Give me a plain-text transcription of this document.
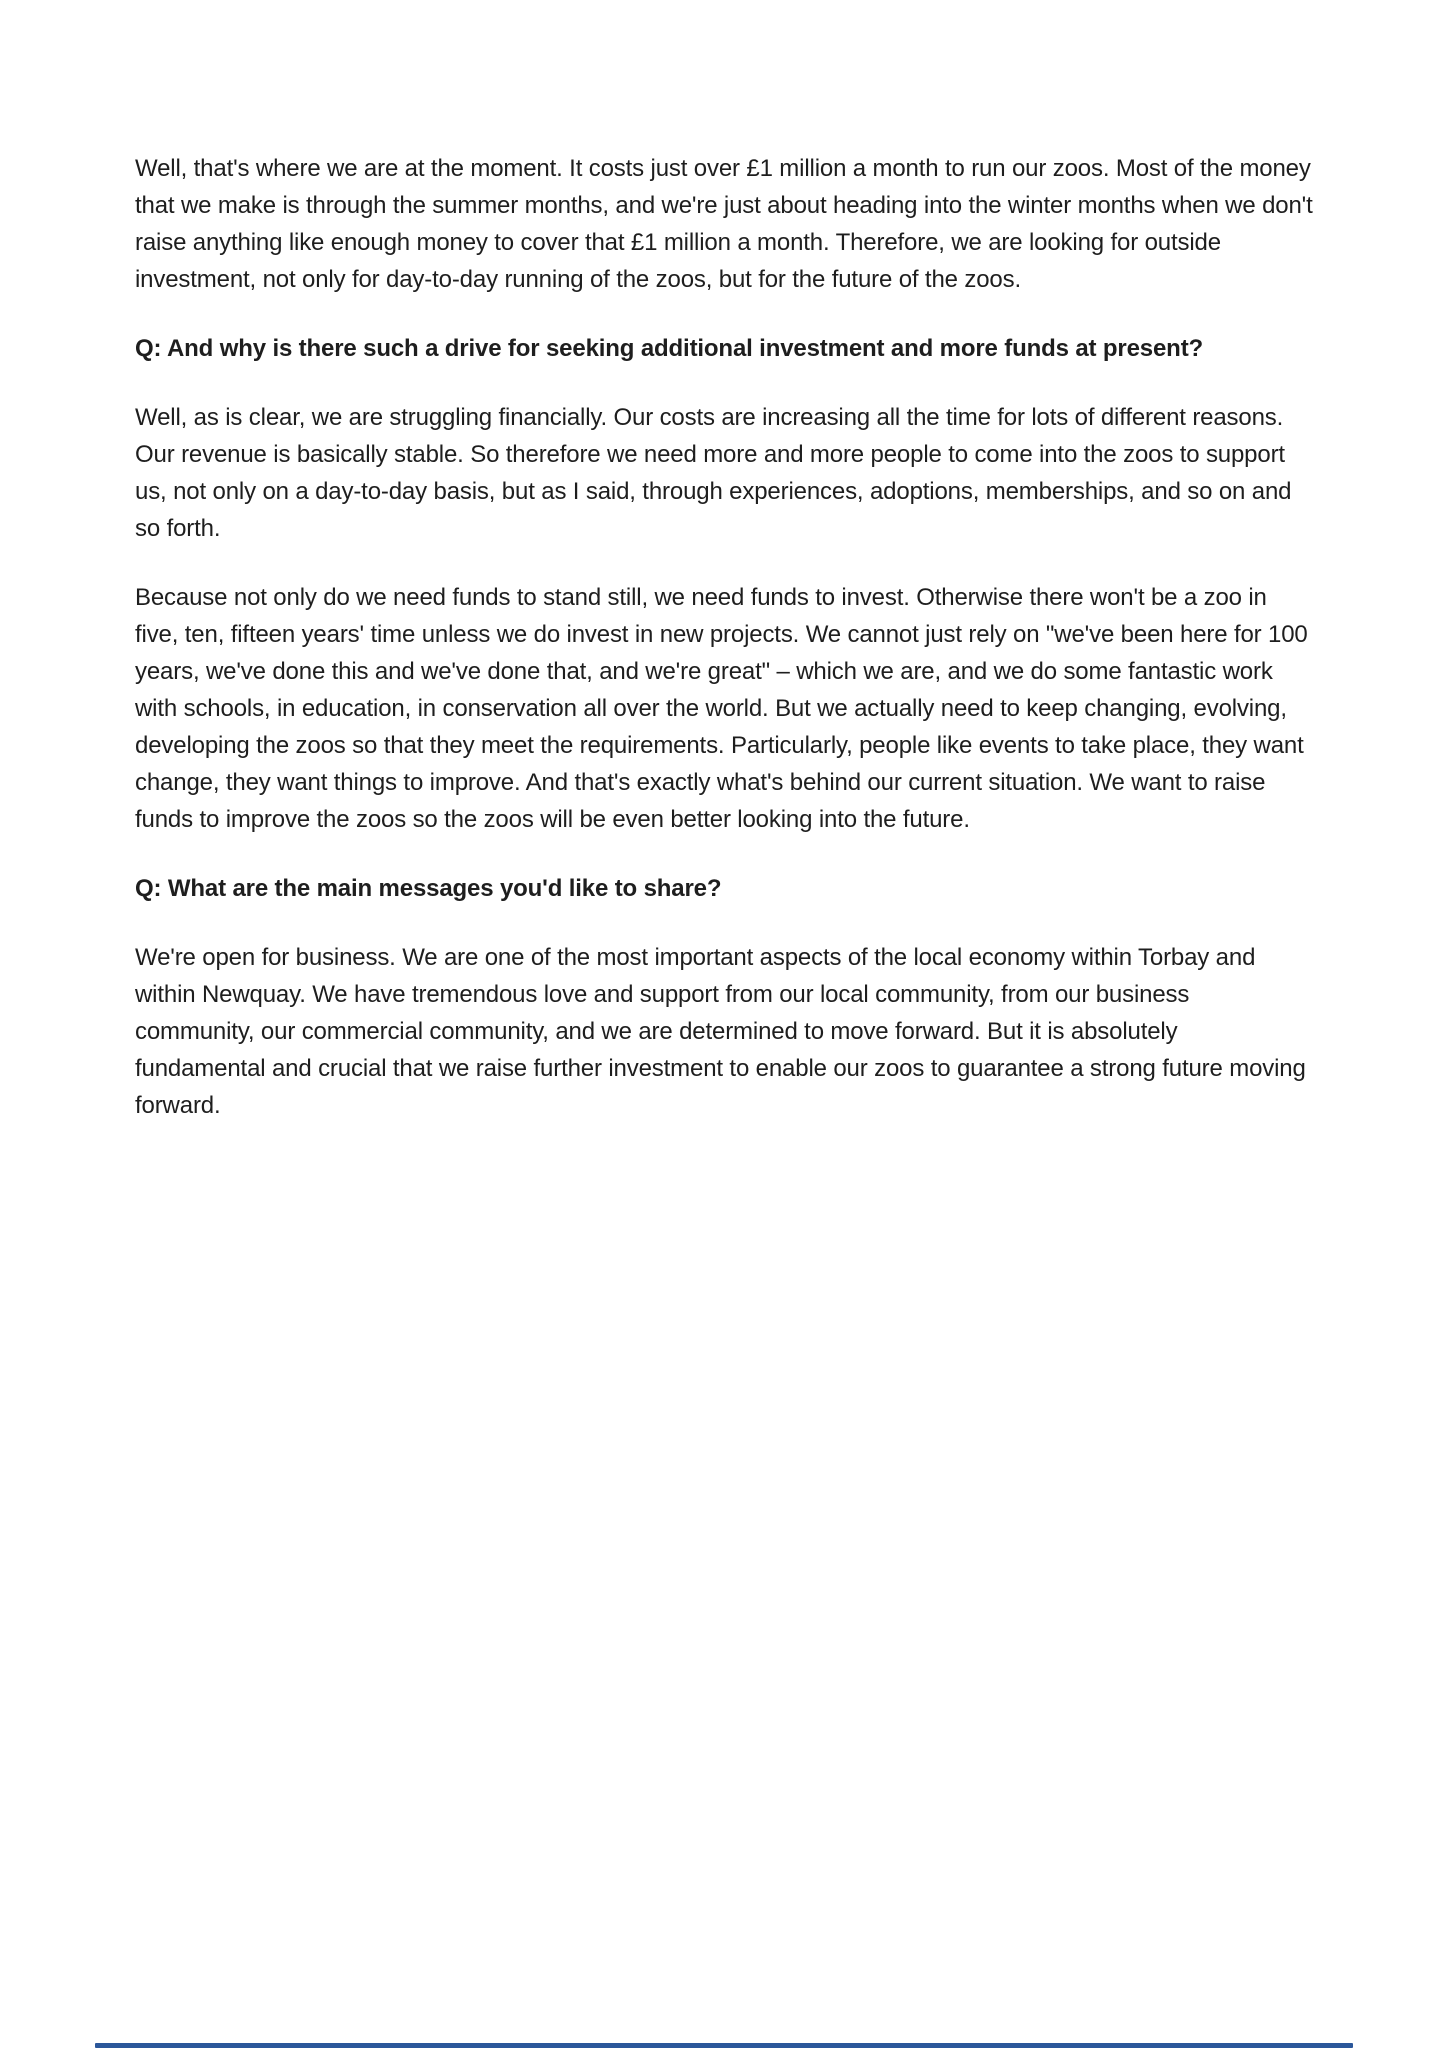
Well, that's where we are at the moment. It costs just over £1 million a month to run our zoos. Most of the money that we make is through the summer months, and we're just about heading into the winter months when we don't raise anything like enough money to cover that £1 million a month. Therefore, we are looking for outside investment, not only for day-to-day running of the zoos, but for the future of the zoos.

Q: And why is there such a drive for seeking additional investment and more funds at present?

Well, as is clear, we are struggling financially. Our costs are increasing all the time for lots of different reasons. Our revenue is basically stable. So therefore we need more and more people to come into the zoos to support us, not only on a day-to-day basis, but as I said, through experiences, adoptions, memberships, and so on and so forth.

Because not only do we need funds to stand still, we need funds to invest. Otherwise there won't be a zoo in five, ten, fifteen years' time unless we do invest in new projects. We cannot just rely on "we've been here for 100 years, we've done this and we've done that, and we're great" – which we are, and we do some fantastic work with schools, in education, in conservation all over the world. But we actually need to keep changing, evolving, developing the zoos so that they meet the requirements. Particularly, people like events to take place, they want change, they want things to improve. And that's exactly what's behind our current situation. We want to raise funds to improve the zoos so the zoos will be even better looking into the future.

Q: What are the main messages you'd like to share?

We're open for business. We are one of the most important aspects of the local economy within Torbay and within Newquay. We have tremendous love and support from our local community, from our business community, our commercial community, and we are determined to move forward. But it is absolutely fundamental and crucial that we raise further investment to enable our zoos to guarantee a strong future moving forward.
